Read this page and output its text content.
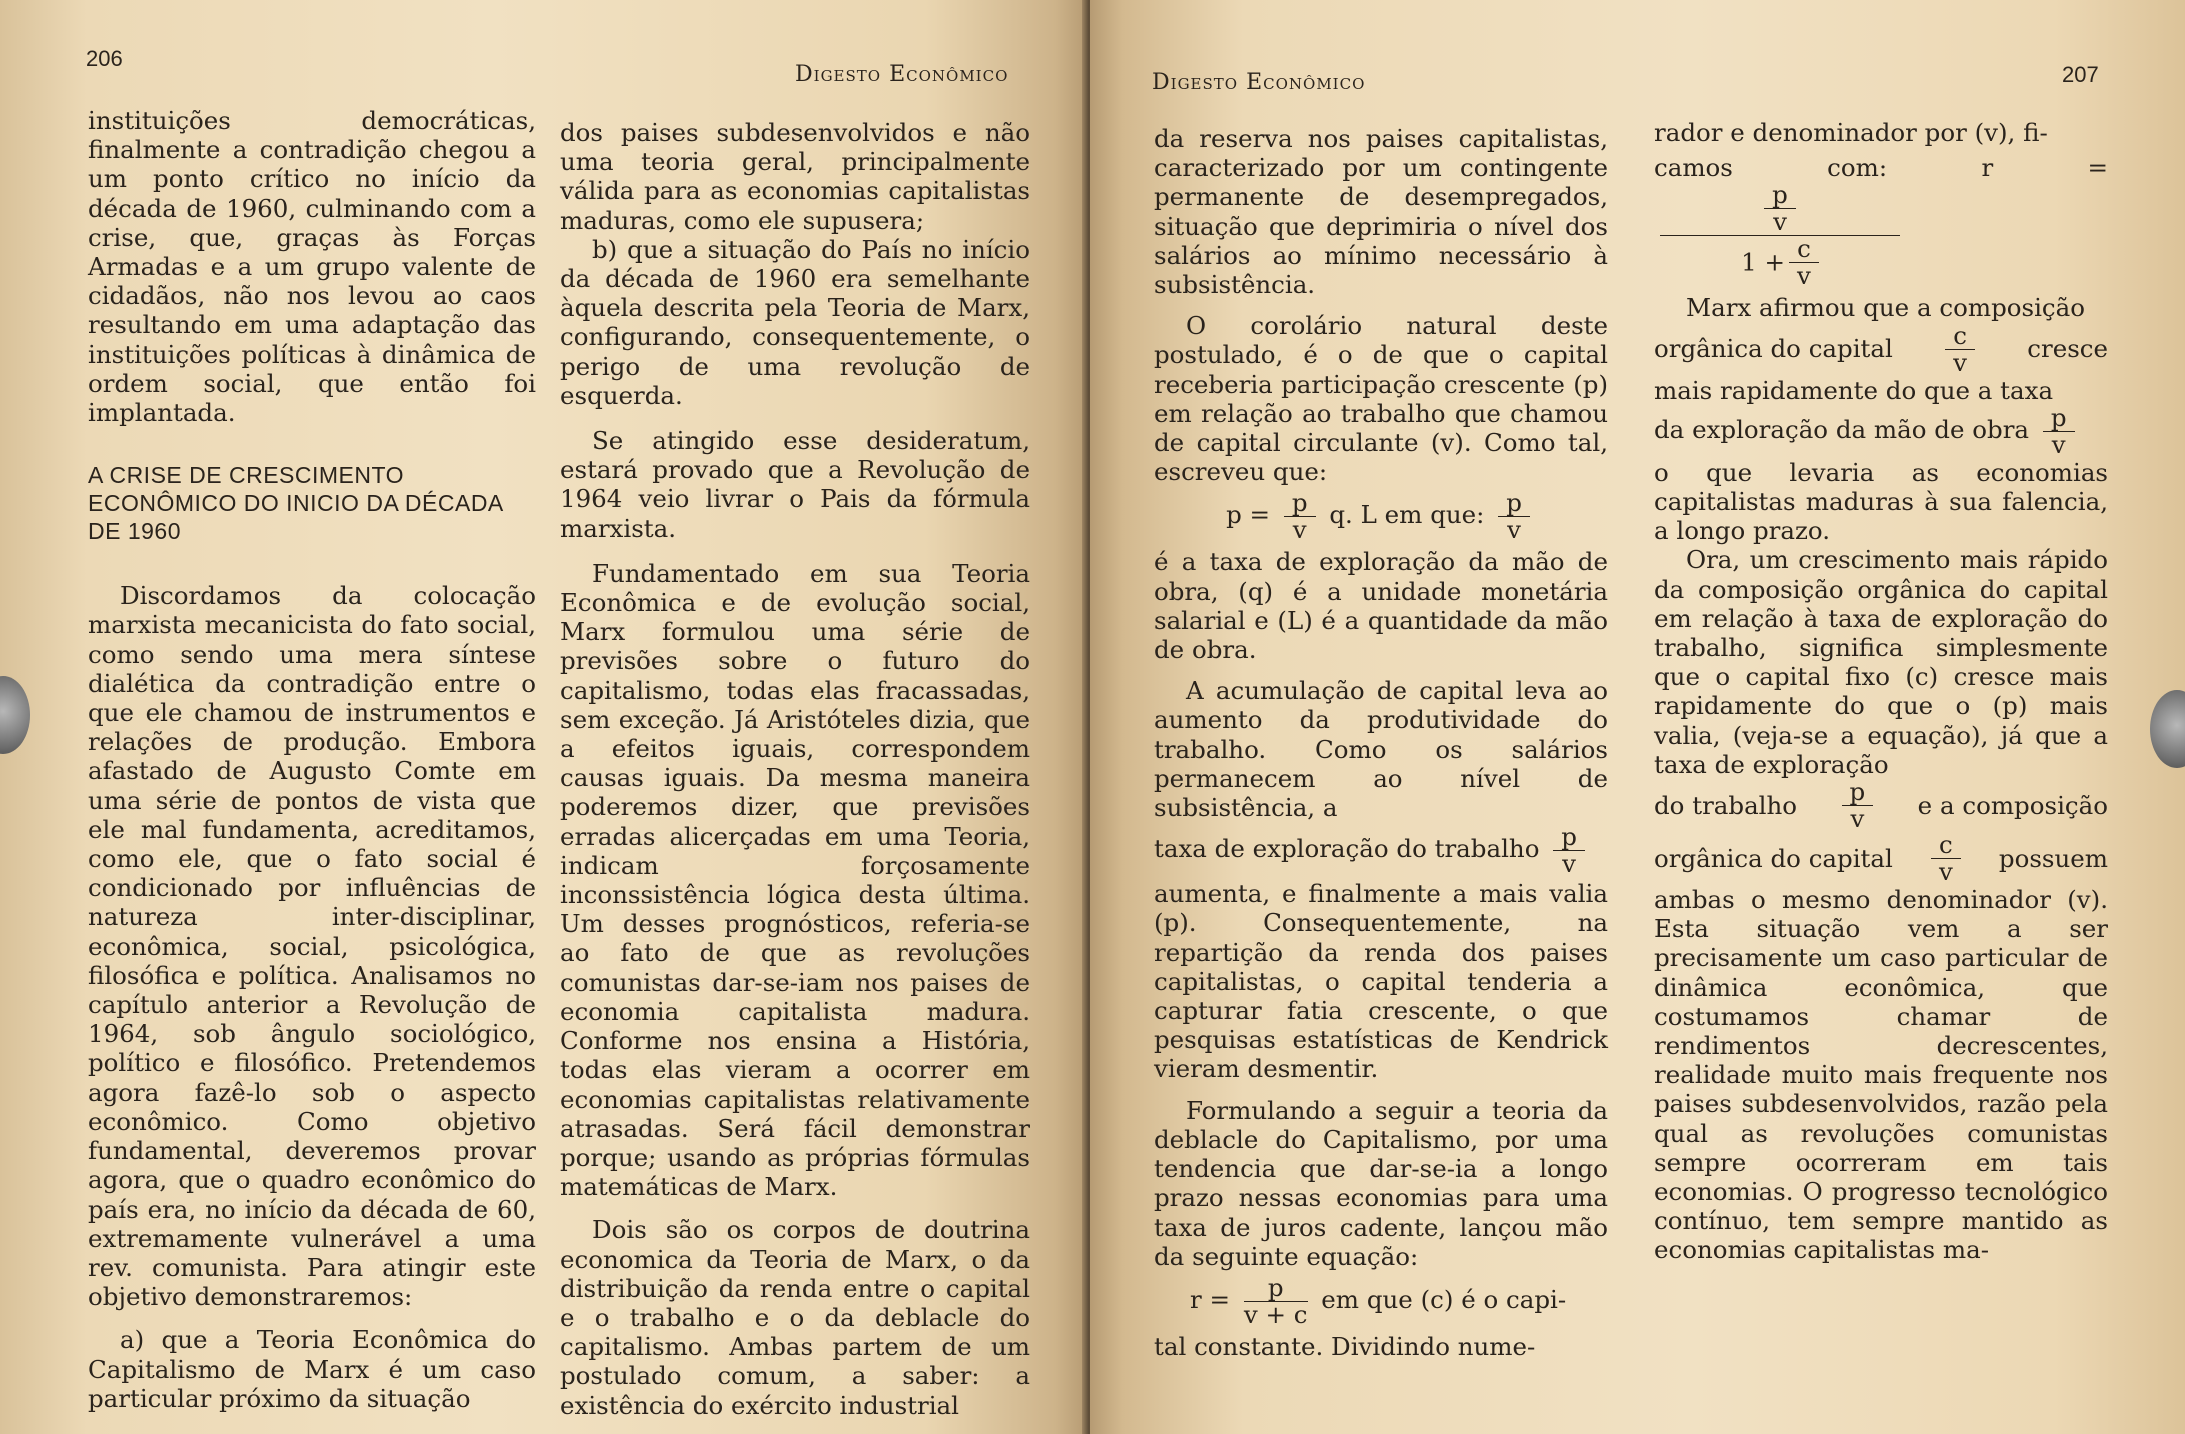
206
Digesto Econômico

instituições democráticas, finalmente a contradição chegou a um ponto crítico no início da década de 1960, culminando com a crise, que, graças às Forças Armadas e a um grupo valente de cidadãos, não nos levou ao caos resultando em uma adaptação das instituições políticas à dinâmica de ordem social, que então foi implantada.

A CRISE DE CRESCIMENTO ECONÔMICO DO INICIO DA DÉCADA DE 1960

Discordamos da colocação marxista mecanicista do fato social, como sendo uma mera síntese dialética da contradição entre o que ele chamou de instrumentos e relações de produção. Embora afastado de Augusto Comte em uma série de pontos de vista que ele mal fundamenta, acreditamos, como ele, que o fato social é condicionado por influências de natureza inter-disciplinar, econômica, social, psicológica, filosófica e política. Analisamos no capítulo anterior a Revolução de 1964, sob ângulo sociológico, político e filosófico. Pretendemos agora fazê-lo sob o aspecto econômico. Como objetivo fundamental, deveremos provar agora, que o quadro econômico do país era, no início da década de 60, extremamente vulnerável a uma rev. comunista. Para atingir este objetivo demonstraremos:

a) que a Teoria Econômica do Capitalismo de Marx é um caso particular próximo da situação

dos paises subdesenvolvidos e não uma teoria geral, principalmente válida para as economias capitalistas maduras, como ele supusera;

b) que a situação do País no início da década de 1960 era semelhante àquela descrita pela Teoria de Marx, configurando, consequentemente, o perigo de uma revolução de esquerda.

Se atingido esse desideratum, estará provado que a Revolução de 1964 veio livrar o Pais da fórmula marxista.

Fundamentado em sua Teoria Econômica e de evolução social, Marx formulou uma série de previsões sobre o futuro do capitalismo, todas elas fracassadas, sem exceção. Já Aristóteles dizia, que a efeitos iguais, correspondem causas iguais. Da mesma maneira poderemos dizer, que previsões erradas alicerçadas em uma Teoria, indicam forçosamente inconssistência lógica desta última. Um desses prognósticos, referia-se ao fato de que as revoluções comunistas dar-se-iam nos paises de economia capitalista madura. Conforme nos ensina a História, todas elas vieram a ocorrer em economias capitalistas relativamente atrasadas. Será fácil demonstrar porque; usando as próprias fórmulas matemáticas de Marx.

Dois são os corpos de doutrina economica da Teoria de Marx, o da distribuição da renda entre o capital e o trabalho e o da deblacle do capitalismo. Ambas partem de um postulado comum, a saber: a existência do exército industrial

207
Digesto Econômico

da reserva nos paises capitalistas, caracterizado por um contingente permanente de desempregados, situação que deprimiria o nível dos salários ao mínimo necessário à subsistência.

O corolário natural deste postulado, é o de que o capital receberia participação crescente (p) em relação ao trabalho que chamou de capital circulante (v). Como tal, escreveu que:

$p = \frac{p}{v} q$. L em que: $\frac{p}{v}$

é a taxa de exploração da mão de obra, (q) é a unidade monetária salarial e (L) é a quantidade da mão de obra.

A acumulação de capital leva ao aumento da produtividade do trabalho. Como os salários permanecem ao nível de subsistência, a

taxa de exploração do trabalho $\frac{p}{v}$

aumenta, e finalmente a mais valia (p). Consequentemente, na repartição da renda dos paises capitalistas, o capital tenderia a capturar fatia crescente, o que pesquisas estatísticas de Kendrick vieram desmentir.

Formulando a seguir a teoria da deblacle do Capitalismo, por uma tendencia que dar-se-ia a longo prazo nessas economias para uma taxa de juros cadente, lançou mão da seguinte equação:

$r = \frac{p}{v + c}$ em que (c) é o capi-

tal constante. Dividindo nume-

rador e denominador por (v), fi-

camos com: r =
$\frac{\frac{p}{v}}{1 + \frac{c}{v}}$

Marx afirmou que a composição

orgânica do capital $\frac{c}{v}$ cresce

mais rapidamente do que a taxa

da exploração da mão de obra $\frac{p}{v}$

o que levaria as economias capitalistas maduras à sua falencia, a longo prazo.

Ora, um crescimento mais rápido da composição orgânica do capital em relação à taxa de exploração do trabalho, significa simplesmente que o capital fixo (c) cresce mais rapidamente do que o (p) mais valia, (veja-se a equação), já que a taxa de exploração

do trabalho $\frac{p}{v}$ e a composição
orgânica do capital $\frac{c}{v}$ possuem

ambas o mesmo denominador (v). Esta situação vem a ser precisamente um caso particular de dinâmica econômica, que costumamos chamar de rendimentos decrescentes, realidade muito mais frequente nos paises subdesenvolvidos, razão pela qual as revoluções comunistas sempre ocorreram em tais economias. O progresso tecnológico contínuo, tem sempre mantido as economias capitalistas ma-
